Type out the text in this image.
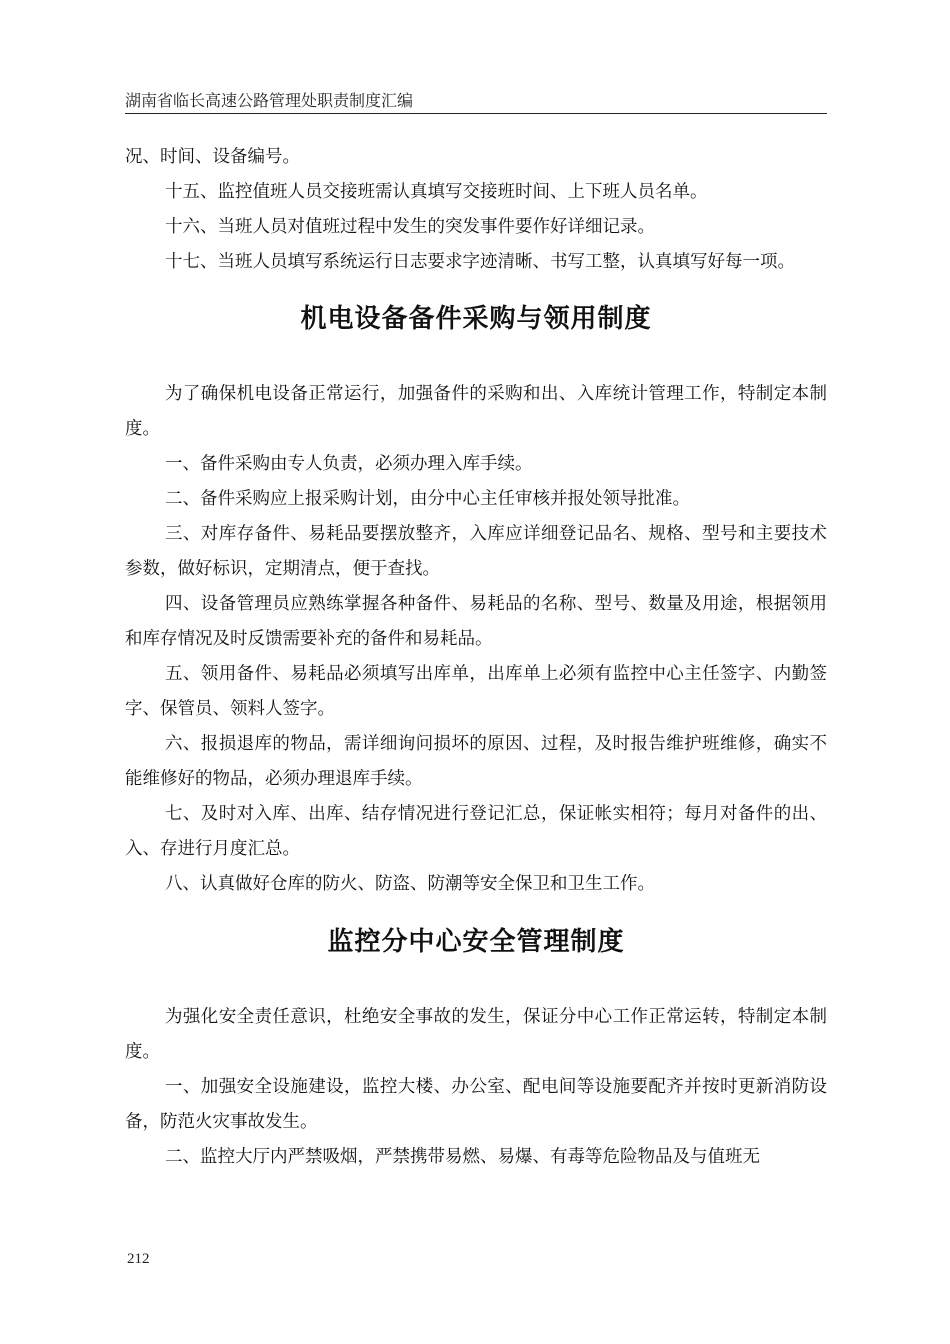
湖南省临长高速公路管理处职责制度汇编

况、时间、设备编号。

十五、监控值班人员交接班需认真填写交接班时间、上下班人员名单。

十六、当班人员对值班过程中发生的突发事件要作好详细记录。

十七、当班人员填写系统运行日志要求字迹清晰、书写工整，认真填写好每一项。

机电设备备件采购与领用制度

为了确保机电设备正常运行，加强备件的采购和出、入库统计管理工作，特制定本制度。

一、备件采购由专人负责，必须办理入库手续。

二、备件采购应上报采购计划，由分中心主任审核并报处领导批准。

三、对库存备件、易耗品要摆放整齐，入库应详细登记品名、规格、型号和主要技术参数，做好标识，定期清点，便于查找。

四、设备管理员应熟练掌握各种备件、易耗品的名称、型号、数量及用途，根据领用和库存情况及时反馈需要补充的备件和易耗品。

五、领用备件、易耗品必须填写出库单，出库单上必须有监控中心主任签字、内勤签字、保管员、领料人签字。

六、报损退库的物品，需详细询问损坏的原因、过程，及时报告维护班维修，确实不能维修好的物品，必须办理退库手续。

七、及时对入库、出库、结存情况进行登记汇总，保证帐实相符；每月对备件的出、入、存进行月度汇总。

八、认真做好仓库的防火、防盗、防潮等安全保卫和卫生工作。

监控分中心安全管理制度

为强化安全责任意识，杜绝安全事故的发生，保证分中心工作正常运转，特制定本制度。

一、加强安全设施建设，监控大楼、办公室、配电间等设施要配齐并按时更新消防设备，防范火灾事故发生。

二、监控大厅内严禁吸烟，严禁携带易燃、易爆、有毒等危险物品及与值班无

212
